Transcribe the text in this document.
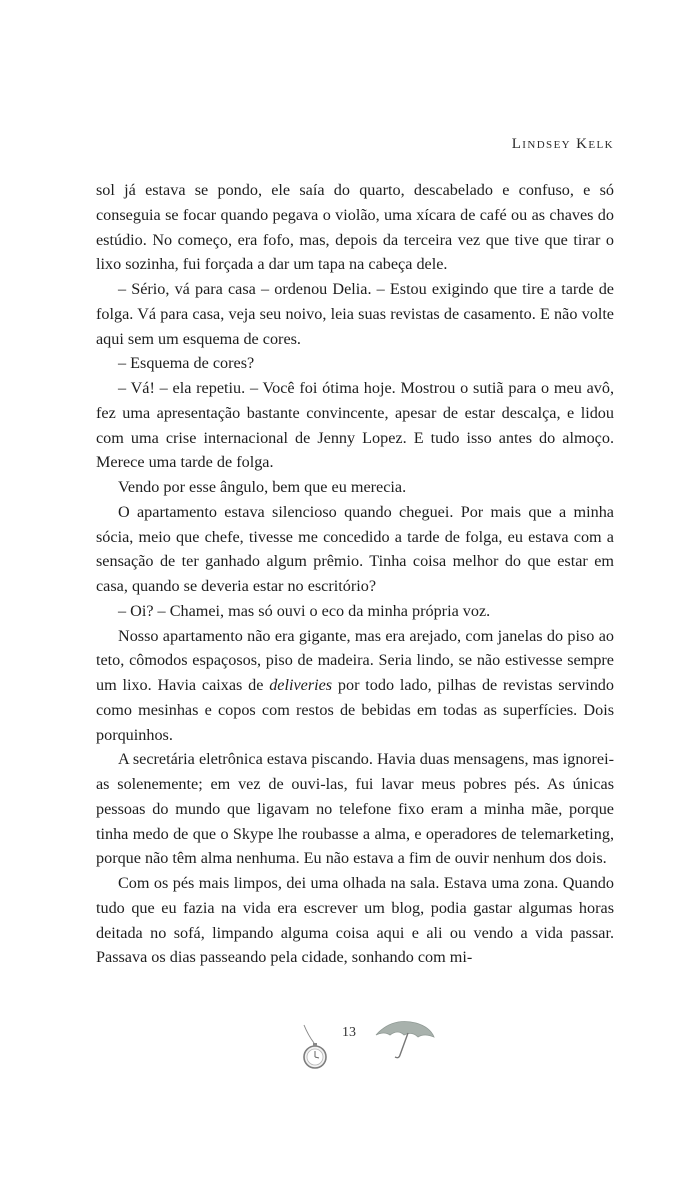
Lindsey Kelk

sol já estava se pondo, ele saía do quarto, descabelado e confuso, e só conseguia se focar quando pegava o violão, uma xícara de café ou as chaves do estúdio. No começo, era fofo, mas, depois da terceira vez que tive que tirar o lixo sozinha, fui forçada a dar um tapa na cabeça dele.

– Sério, vá para casa – ordenou Delia. – Estou exigindo que tire a tarde de folga. Vá para casa, veja seu noivo, leia suas revistas de casamento. E não volte aqui sem um esquema de cores.

– Esquema de cores?

– Vá! – ela repetiu. – Você foi ótima hoje. Mostrou o sutiã para o meu avô, fez uma apresentação bastante convincente, apesar de estar descalça, e lidou com uma crise internacional de Jenny Lopez. E tudo isso antes do almoço. Merece uma tarde de folga.

Vendo por esse ângulo, bem que eu merecia.

O apartamento estava silencioso quando cheguei. Por mais que a minha sócia, meio que chefe, tivesse me concedido a tarde de folga, eu estava com a sensação de ter ganhado algum prêmio. Tinha coisa melhor do que estar em casa, quando se deveria estar no escritório?

– Oi? – Chamei, mas só ouvi o eco da minha própria voz.

Nosso apartamento não era gigante, mas era arejado, com janelas do piso ao teto, cômodos espaçosos, piso de madeira. Seria lindo, se não estivesse sempre um lixo. Havia caixas de deliveries por todo lado, pilhas de revistas servindo como mesinhas e copos com restos de bebidas em todas as superfícies. Dois porquinhos.

A secretária eletrônica estava piscando. Havia duas mensagens, mas ignorei-as solenemente; em vez de ouvi-las, fui lavar meus pobres pés. As únicas pessoas do mundo que ligavam no telefone fixo eram a minha mãe, porque tinha medo de que o Skype lhe roubasse a alma, e operadores de telemarketing, porque não têm alma nenhuma. Eu não estava a fim de ouvir nenhum dos dois.

Com os pés mais limpos, dei uma olhada na sala. Estava uma zona. Quando tudo que eu fazia na vida era escrever um blog, podia gastar algumas horas deitada no sofá, limpando alguma coisa aqui e ali ou vendo a vida passar. Passava os dias passeando pela cidade, sonhando com mi-

13
